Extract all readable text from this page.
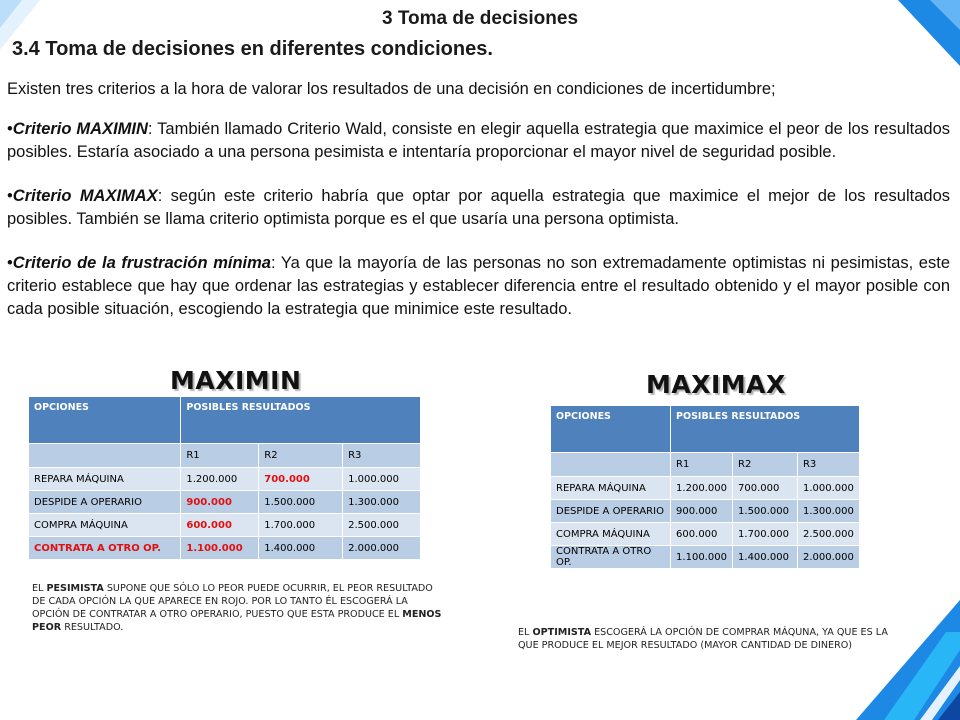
3 Toma de decisiones
3.4 Toma de decisiones en diferentes condiciones.

Existen tres criterios a la hora de valorar los resultados de una decisión en condiciones de incertidumbre;

•Criterio MAXIMIN: También llamado Criterio Wald, consiste en elegir aquella estrategia que maximice el peor de los resultados posibles. Estaría asociado a una persona pesimista e intentaría proporcionar el mayor nivel de seguridad posible.

•Criterio MAXIMAX: según este criterio habría que optar por aquella estrategia que maximice el mejor de los resultados posibles. También se llama criterio optimista porque es el que usaría una persona optimista.

•Criterio de la frustración mínima: Ya que la mayoría de las personas no son extremadamente optimistas ni pesimistas, este criterio establece que hay que ordenar las estrategias y establecer diferencia entre el resultado obtenido y el mayor posible con cada posible situación, escogiendo la estrategia que minimice este resultado.

MAXIMIN
OPCIONES	POSIBLES RESULTADOS		
	R1	R2	R3
REPARA MÁQUINA	1.200.000	700.000	1.000.000
DESPIDE A OPERARIO	900.000	1.500.000	1.300.000
COMPRA MÁQUINA	600.000	1.700.000	2.500.000
CONTRATA A OTRO OP.	1.100.000	1.400.000	2.000.000
EL PESIMISTA SUPONE QUE SÓLO LO PEOR PUEDE OCURRIR, EL PEOR RESULTADO DE CADA OPCIÓN LA QUE APARECE EN ROJO. POR LO TANTO ÉL ESCOGERÁ LA OPCIÓN DE CONTRATAR A OTRO OPERARIO, PUESTO QUE ESTA PRODUCE EL MENOS PEOR RESULTADO.
MAXIMAX
OPCIONES	POSIBLES RESULTADOS		
	R1	R2	R3
REPARA MÁQUINA	1.200.000	700.000	1.000.000
DESPIDE A OPERARIO	900.000	1.500.000	1.300.000
COMPRA MÁQUINA	600.000	1.700.000	2.500.000
CONTRATA A OTRO OP.	1.100.000	1.400.000	2.000.000
EL OPTIMISTA ESCOGERÁ LA OPCIÓN DE COMPRAR MÁQUNA, YA QUE ES LA QUE PRODUCE EL MEJOR RESULTADO (MAYOR CANTIDAD DE DINERO)
